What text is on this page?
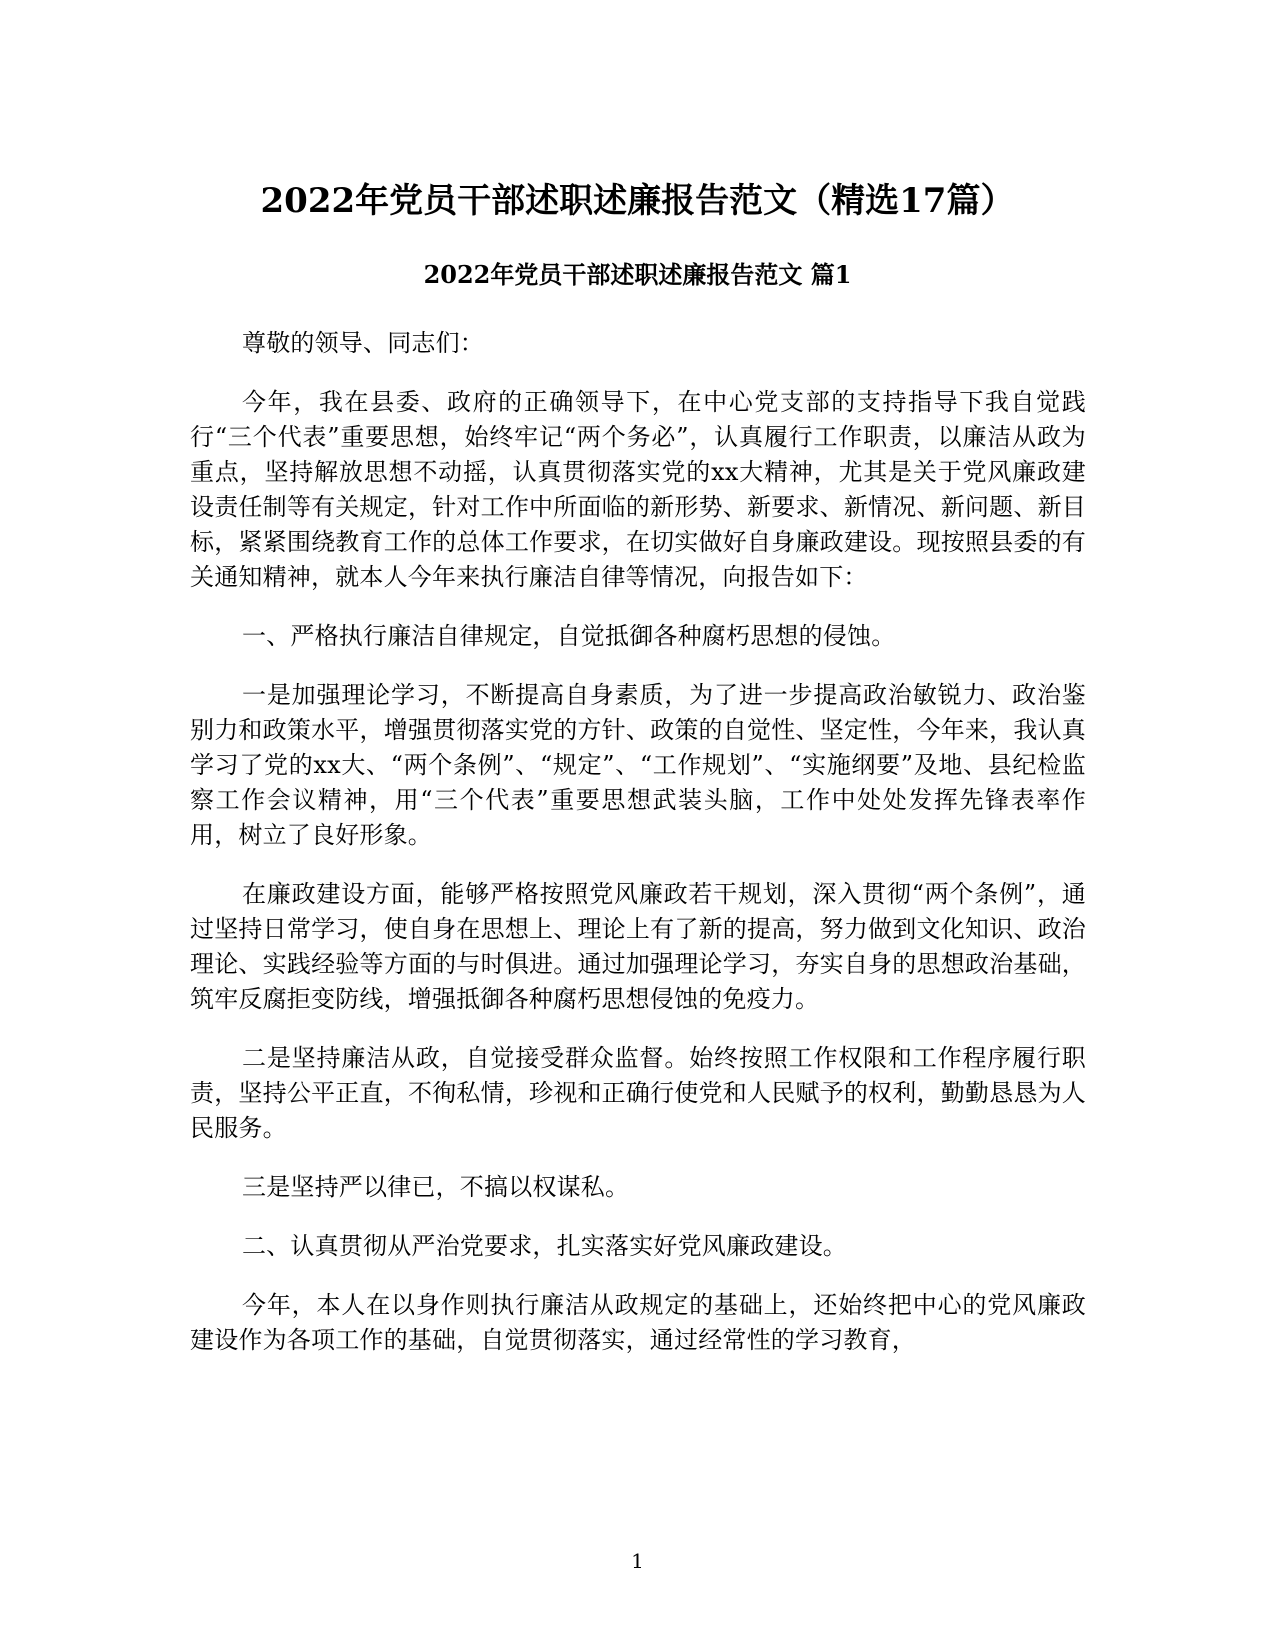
2022年党员干部述职述廉报告范文（精选17篇）
2022年党员干部述职述廉报告范文 篇1

尊敬的领导、同志们：

今年，我在县委、政府的正确领导下，在中心党支部的支持指导下我自觉践行“三个代表”重要思想，始终牢记“两个务必”，认真履行工作职责，以廉洁从政为重点，坚持解放思想不动摇，认真贯彻落实党的xx大精神，尤其是关于党风廉政建设责任制等有关规定，针对工作中所面临的新形势、新要求、新情况、新问题、新目标，紧紧围绕教育工作的总体工作要求，在切实做好自身廉政建设。现按照县委的有关通知精神，就本人今年来执行廉洁自律等情况，向报告如下：

一、严格执行廉洁自律规定，自觉抵御各种腐朽思想的侵蚀。

一是加强理论学习，不断提高自身素质，为了进一步提高政治敏锐力、政治鉴别力和政策水平，增强贯彻落实党的方针、政策的自觉性、坚定性，今年来，我认真学习了党的xx大、“两个条例”、“规定”、“工作规划”、“实施纲要”及地、县纪检监察工作会议精神，用“三个代表”重要思想武装头脑，工作中处处发挥先锋表率作用，树立了良好形象。

在廉政建设方面，能够严格按照党风廉政若干规划，深入贯彻“两个条例”，通过坚持日常学习，使自身在思想上、理论上有了新的提高，努力做到文化知识、政治理论、实践经验等方面的与时俱进。通过加强理论学习，夯实自身的思想政治基础，筑牢反腐拒变防线，增强抵御各种腐朽思想侵蚀的免疫力。

二是坚持廉洁从政，自觉接受群众监督。始终按照工作权限和工作程序履行职责，坚持公平正直，不徇私情，珍视和正确行使党和人民赋予的权利，勤勤恳恳为人民服务。

三是坚持严以律已，不搞以权谋私。

二、认真贯彻从严治党要求，扎实落实好党风廉政建设。

今年，本人在以身作则执行廉洁从政规定的基础上，还始终把中心的党风廉政建设作为各项工作的基础，自觉贯彻落实，通过经常性的学习教育，

1
